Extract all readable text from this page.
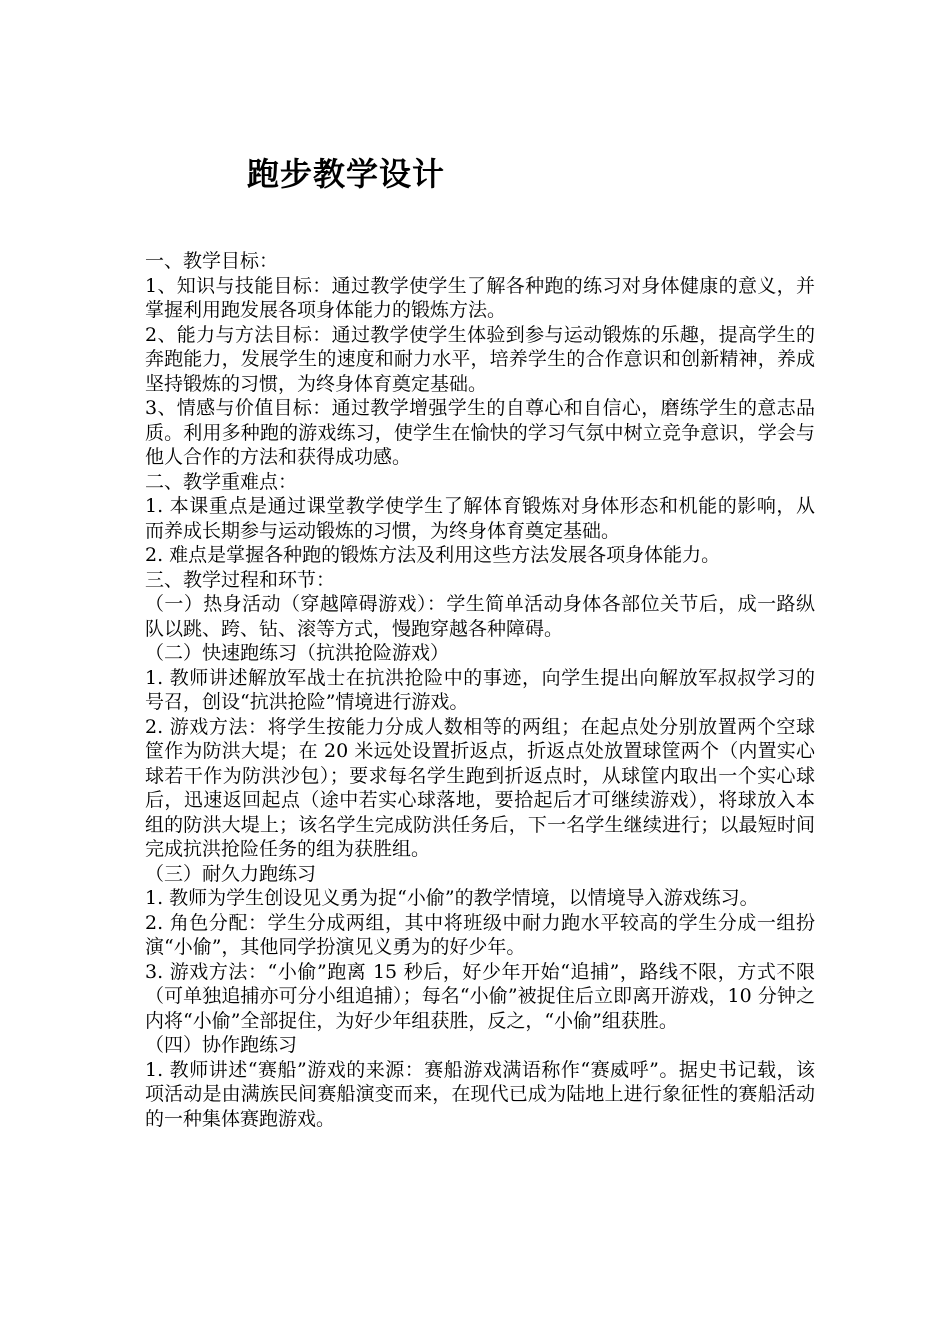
跑步教学设计

一、教学目标：

1、知识与技能目标：通过教学使学生了解各种跑的练习对身体健康的意义，并掌握利用跑发展各项身体能力的锻炼方法。

2、能力与方法目标：通过教学使学生体验到参与运动锻炼的乐趣，提高学生的奔跑能力，发展学生的速度和耐力水平，培养学生的合作意识和创新精神，养成坚持锻炼的习惯，为终身体育奠定基础。

3、情感与价值目标：通过教学增强学生的自尊心和自信心，磨练学生的意志品质。利用多种跑的游戏练习，使学生在愉快的学习气氛中树立竞争意识，学会与他人合作的方法和获得成功感。

二、教学重难点：

1. 本课重点是通过课堂教学使学生了解体育锻炼对身体形态和机能的影响，从而养成长期参与运动锻炼的习惯，为终身体育奠定基础。

2. 难点是掌握各种跑的锻炼方法及利用这些方法发展各项身体能力。

三、教学过程和环节：

（一）热身活动（穿越障碍游戏）：学生简单活动身体各部位关节后，成一路纵队以跳、跨、钻、滚等方式，慢跑穿越各种障碍。

（二）快速跑练习（抗洪抢险游戏）

1. 教师讲述解放军战士在抗洪抢险中的事迹，向学生提出向解放军叔叔学习的号召，创设“抗洪抢险”情境进行游戏。

2. 游戏方法：将学生按能力分成人数相等的两组；在起点处分别放置两个空球筐作为防洪大堤；在 20 米远处设置折返点，折返点处放置球筐两个（内置实心球若干作为防洪沙包）；要求每名学生跑到折返点时，从球筐内取出一个实心球后，迅速返回起点（途中若实心球落地，要拾起后才可继续游戏），将球放入本组的防洪大堤上；该名学生完成防洪任务后，下一名学生继续进行；以最短时间完成抗洪抢险任务的组为获胜组。

（三）耐久力跑练习

1. 教师为学生创设见义勇为捉“小偷”的教学情境，以情境导入游戏练习。

2. 角色分配：学生分成两组，其中将班级中耐力跑水平较高的学生分成一组扮演“小偷”，其他同学扮演见义勇为的好少年。

3. 游戏方法：“小偷”跑离 15 秒后，好少年开始“追捕”，路线不限，方式不限（可单独追捕亦可分小组追捕）；每名“小偷”被捉住后立即离开游戏，10 分钟之内将“小偷”全部捉住，为好少年组获胜，反之，“小偷”组获胜。

（四）协作跑练习

1. 教师讲述“赛船”游戏的来源：赛船游戏满语称作“赛威呼”。据史书记载，该项活动是由满族民间赛船演变而来，在现代已成为陆地上进行象征性的赛船活动的一种集体赛跑游戏。
